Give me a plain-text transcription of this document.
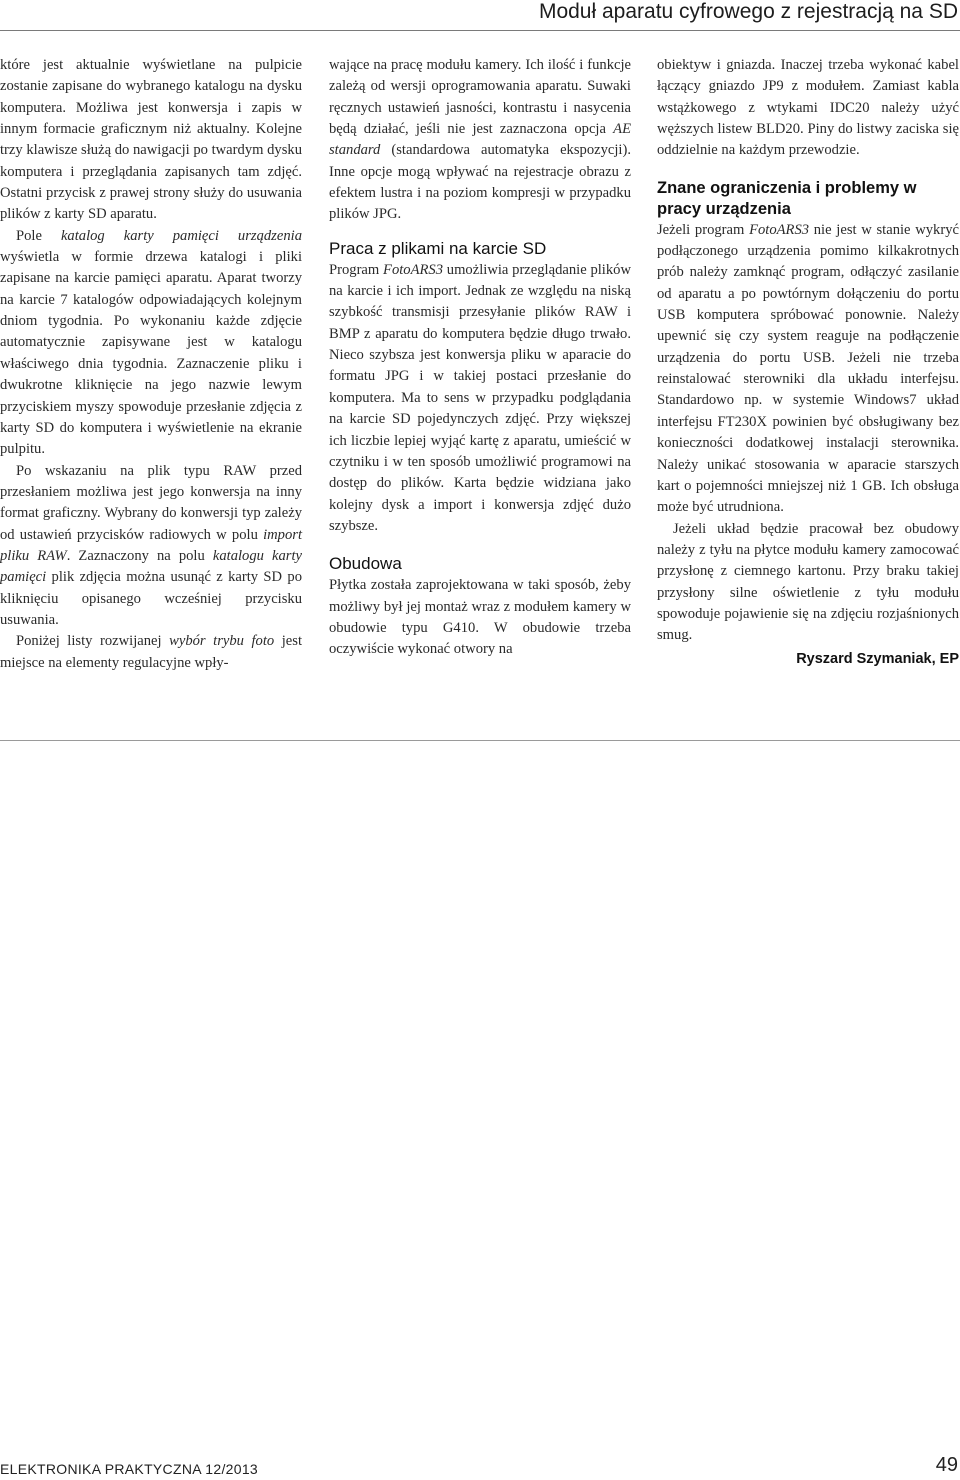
Moduł aparatu cyfrowego z rejestracją na SD

które jest aktualnie wyświetlane na pulpicie zostanie zapisane do wybranego katalogu na dysku komputera. Możliwa jest konwersja i zapis w innym formacie graficznym niż aktualny. Kolejne trzy klawisze służą do nawigacji po twardym dysku komputera i przeglądania zapisanych tam zdjęć. Ostatni przycisk z prawej strony służy do usuwania plików z karty SD aparatu.

Pole katalog karty pamięci urządzenia wyświetla w formie drzewa katalogi i pliki zapisane na karcie pamięci aparatu. Aparat tworzy na karcie 7 katalogów odpowiadających kolejnym dniom tygodnia. Po wykonaniu każde zdjęcie automatycznie zapisywane jest w katalogu właściwego dnia tygodnia. Zaznaczenie pliku i dwukrotne kliknięcie na jego nazwie lewym przyciskiem myszy spowoduje przesłanie zdjęcia z karty SD do komputera i wyświetlenie na ekranie pulpitu.

Po wskazaniu na plik typu RAW przed przesłaniem możliwa jest jego konwersja na inny format graficzny. Wybrany do konwersji typ zależy od ustawień przycisków radiowych w polu import pliku RAW. Zaznaczony na polu katalogu karty pamięci plik zdjęcia można usunąć z karty SD po kliknięciu opisanego wcześniej przycisku usuwania.

Poniżej listy rozwijanej wybór trybu foto jest miejsce na elementy regulacyjne wpły-

wające na pracę modułu kamery. Ich ilość i funkcje zależą od wersji oprogramowania aparatu. Suwaki ręcznych ustawień jasności, kontrastu i nasycenia będą działać, jeśli nie jest zaznaczona opcja AE standard (standardowa automatyka ekspozycji). Inne opcje mogą wpływać na rejestracje obrazu z efektem lustra i na poziom kompresji w przypadku plików JPG.

Praca z plikami na karcie SD

Program FotoARS3 umożliwia przeglądanie plików na karcie i ich import. Jednak ze względu na niską szybkość transmisji przesyłanie plików RAW i BMP z aparatu do komputera będzie długo trwało. Nieco szybsza jest konwersja pliku w aparacie do formatu JPG i w takiej postaci przesłanie do komputera. Ma to sens w przypadku podglądania na karcie SD pojedynczych zdjęć. Przy większej ich liczbie lepiej wyjąć kartę z aparatu, umieścić w czytniku i w ten sposób umożliwić programowi na dostęp do plików. Karta będzie widziana jako kolejny dysk a import i konwersja zdjęć dużo szybsze.

Obudowa

Płytka została zaprojektowana w taki sposób, żeby możliwy był jej montaż wraz z modułem kamery w obudowie typu G410. W obudowie trzeba oczywiście wykonać otwory na

obiektyw i gniazda. Inaczej trzeba wykonać kabel łączący gniazdo JP9 z modułem. Zamiast kabla wstążkowego z wtykami IDC20 należy użyć węższych listew BLD20. Piny do listwy zaciska się oddzielnie na każdym przewodzie.

Znane ograniczenia i problemy w pracy urządzenia

Jeżeli program FotoARS3 nie jest w stanie wykryć podłączonego urządzenia pomimo kilkakrotnych prób należy zamknąć program, odłączyć zasilanie od aparatu a po powtórnym dołączeniu do portu USB komputera spróbować ponownie. Należy upewnić się czy system reaguje na podłączenie urządzenia do portu USB. Jeżeli nie trzeba reinstalować sterowniki dla układu interfejsu. Standardowo np. w systemie Windows7 układ interfejsu FT230X powinien być obsługiwany bez konieczności dodatkowej instalacji sterownika. Należy unikać stosowania w aparacie starszych kart o pojemności mniejszej niż 1 GB. Ich obsługa może być utrudniona.

Jeżeli układ będzie pracował bez obudowy należy z tyłu na płytce modułu kamery zamocować przysłonę z ciemnego kartonu. Przy braku takiej przysłony silne oświetlenie z tyłu modułu spowoduje pojawienie się na zdjęciu rozjaśnionych smug.

Ryszard Szymaniak, EP
ELEKTRONIKA PRAKTYCZNA 12/2013	49
